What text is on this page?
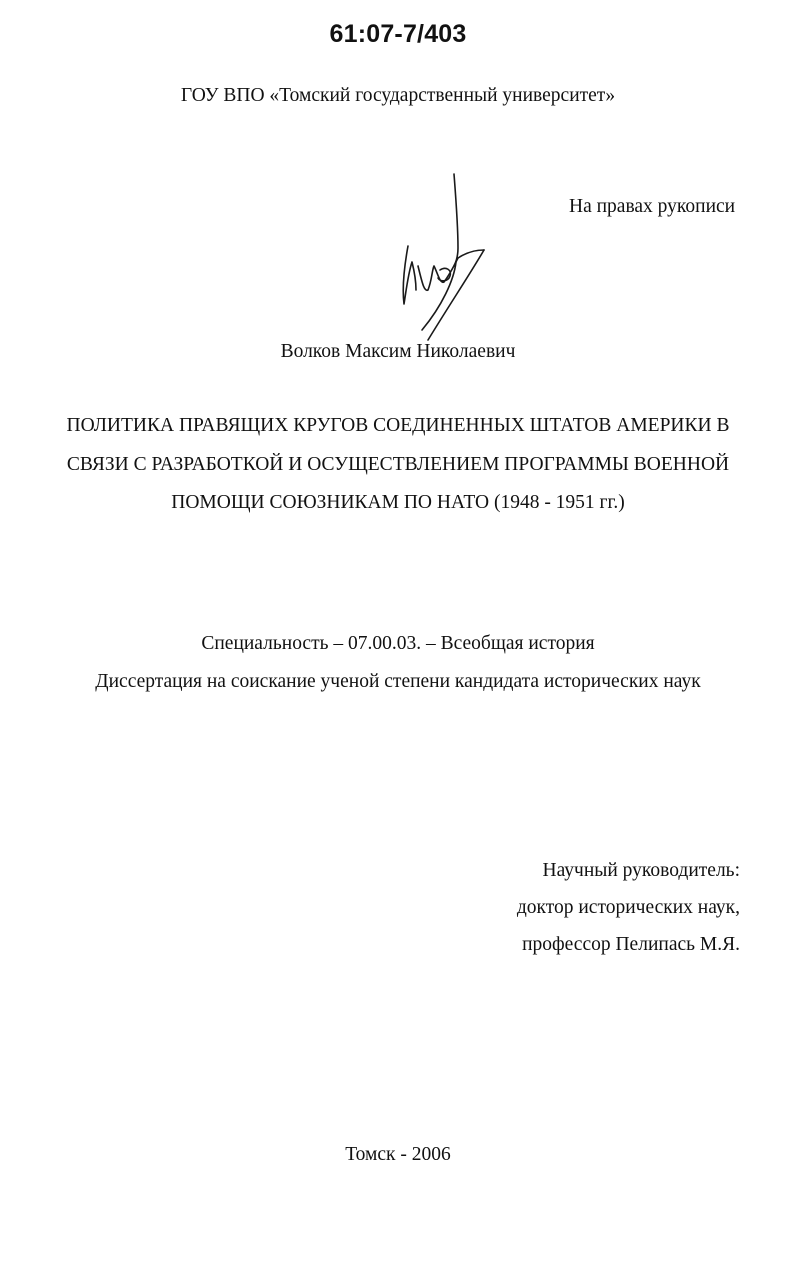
61:07-7/403
ГОУ ВПО «Томский государственный университет»
На правах рукописи
Волков Максим Николаевич
ПОЛИТИКА ПРАВЯЩИХ КРУГОВ СОЕДИНЕННЫХ ШТАТОВ АМЕРИКИ В СВЯЗИ С РАЗРАБОТКОЙ И ОСУЩЕСТВЛЕНИЕМ ПРОГРАММЫ ВОЕННОЙ ПОМОЩИ СОЮЗНИКАМ ПО НАТО (1948 - 1951 гг.)
Специальность – 07.00.03. – Всеобщая история
Диссертация на соискание ученой степени кандидата исторических наук
Научный руководитель:
доктор исторических наук,
профессор Пелипась М.Я.
Томск - 2006
